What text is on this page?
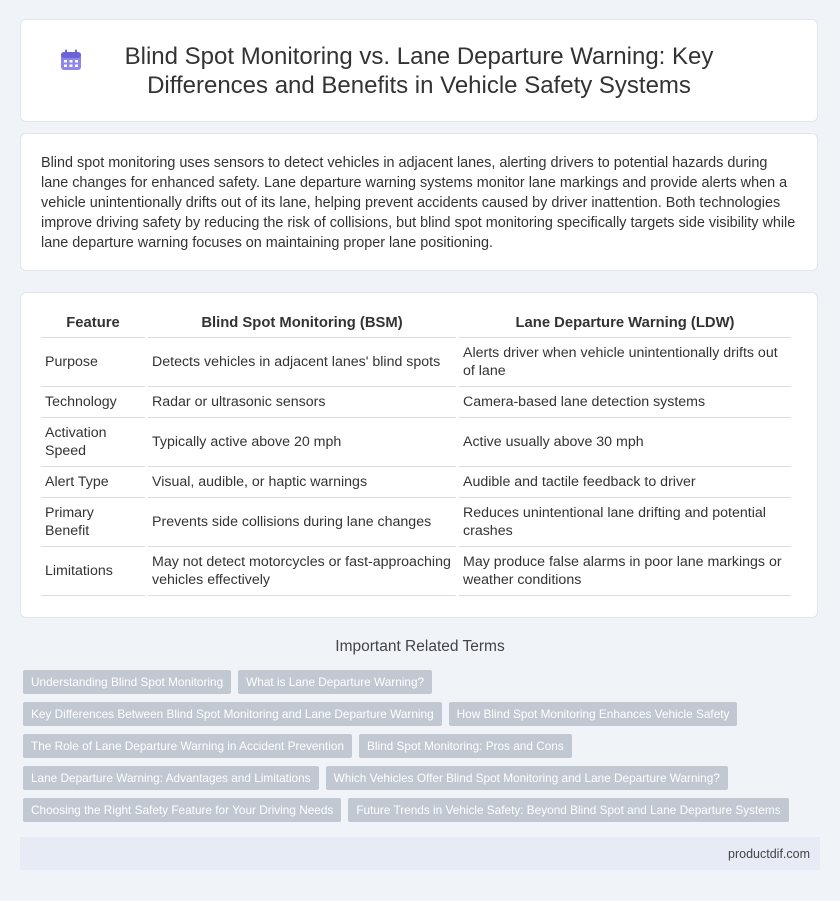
Blind Spot Monitoring vs. Lane Departure Warning: Key Differences and Benefits in Vehicle Safety Systems

Blind spot monitoring uses sensors to detect vehicles in adjacent lanes, alerting drivers to potential hazards during lane changes for enhanced safety. Lane departure warning systems monitor lane markings and provide alerts when a vehicle unintentionally drifts out of its lane, helping prevent accidents caused by driver inattention. Both technologies improve driving safety by reducing the risk of collisions, but blind spot monitoring specifically targets side visibility while lane departure warning focuses on maintaining proper lane positioning.

Feature	Blind Spot Monitoring (BSM)	Lane Departure Warning (LDW)
Purpose	Detects vehicles in adjacent lanes' blind spots	Alerts driver when vehicle unintentionally drifts out of lane
Technology	Radar or ultrasonic sensors	Camera-based lane detection systems
Activation Speed	Typically active above 20 mph	Active usually above 30 mph
Alert Type	Visual, audible, or haptic warnings	Audible and tactile feedback to driver
Primary Benefit	Prevents side collisions during lane changes	Reduces unintentional lane drifting and potential crashes
Limitations	May not detect motorcycles or fast-approaching vehicles effectively	May produce false alarms in poor lane markings or weather conditions
Important Related Terms
Understanding Blind Spot Monitoring	What is Lane Departure Warning?
Key Differences Between Blind Spot Monitoring and Lane Departure Warning	How Blind Spot Monitoring Enhances Vehicle Safety
The Role of Lane Departure Warning in Accident Prevention	Blind Spot Monitoring: Pros and Cons
Lane Departure Warning: Advantages and Limitations	Which Vehicles Offer Blind Spot Monitoring and Lane Departure Warning?
Choosing the Right Safety Feature for Your Driving Needs	Future Trends in Vehicle Safety: Beyond Blind Spot and Lane Departure Systems
productdif.com
